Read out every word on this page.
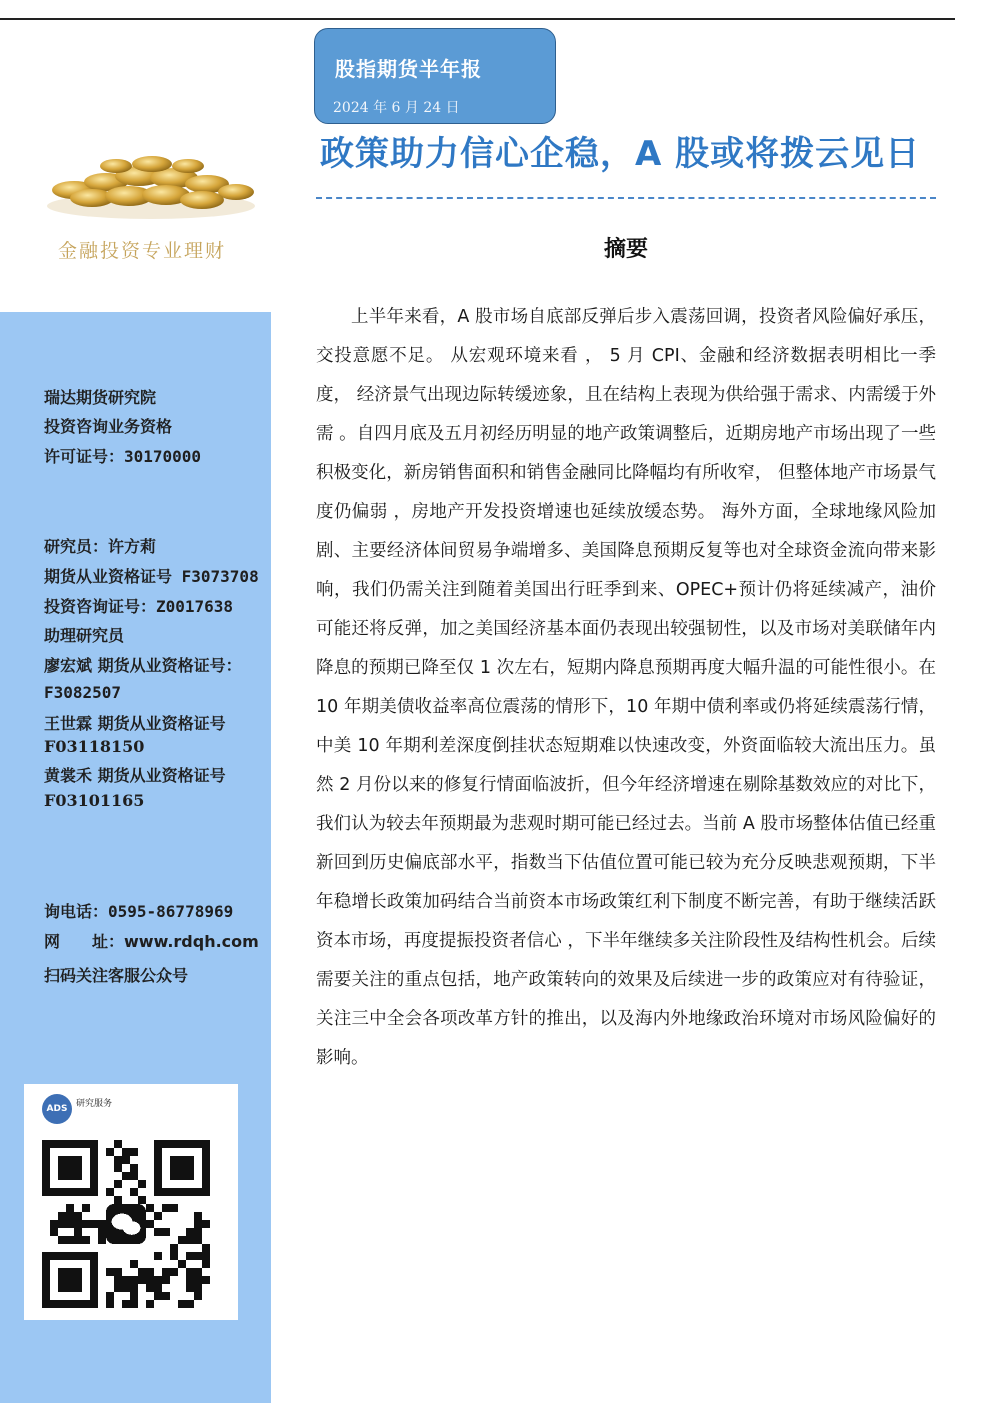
股指期货半年报
2024 年 6 月 24 日
政策助力信心企稳，A 股或将拨云见日
金融投资专业理财
瑞达期货研究院
投资咨询业务资格
许可证号：30170000
研究员：许方莉
期货从业资格证号 F3073708
投资咨询证号：Z0017638
助理研究员
廖宏斌 期货从业资格证号：
F3082507
王世霖 期货从业资格证号
F03118150
黄裳禾 期货从业资格证号
F03101165
询电话：0595-86778969
网　　址：www.rdqh.com
扫码关注客服公众号
ADS 研究服务
摘要
上半年来看，A 股市场自底部反弹后步入震荡回调，投资者风险偏好承压，交投意愿不足。 从宏观环境来看 ， 5 月 CPI、金融和经济数据表明相比一季度， 经济景气出现边际转缓迹象，且在结构上表现为供给强于需求、内需缓于外需 。自四月底及五月初经历明显的地产政策调整后，近期房地产市场出现了一些积极变化，新房销售面积和销售金融同比降幅均有所收窄， 但整体地产市场景气度仍偏弱 ，房地产开发投资增速也延续放缓态势。 海外方面，全球地缘风险加剧、主要经济体间贸易争端增多、美国降息预期反复等也对全球资金流向带来影响，我们仍需关注到随着美国出行旺季到来、OPEC+预计仍将延续减产，油价可能还将反弹，加之美国经济基本面仍表现出较强韧性，以及市场对美联储年内降息的预期已降至仅 1 次左右，短期内降息预期再度大幅升温的可能性很小。在 10 年期美债收益率高位震荡的情形下，10 年期中债利率或仍将延续震荡行情，中美 10 年期利差深度倒挂状态短期难以快速改变，外资面临较大流出压力。虽然 2 月份以来的修复行情面临波折，但今年经济增速在剔除基数效应的对比下，我们认为较去年预期最为悲观时期可能已经过去。当前 A 股市场整体估值已经重新回到历史偏底部水平，指数当下估值位置可能已较为充分反映悲观预期，下半年稳增长政策加码结合当前资本市场政策红利下制度不断完善，有助于继续活跃资本市场，再度提振投资者信心 ，下半年继续多关注阶段性及结构性机会。后续需要关注的重点包括，地产政策转向的效果及后续进一步的政策应对有待验证，关注三中全会各项改革方针的推出，以及海内外地缘政治环境对市场风险偏好的影响。
